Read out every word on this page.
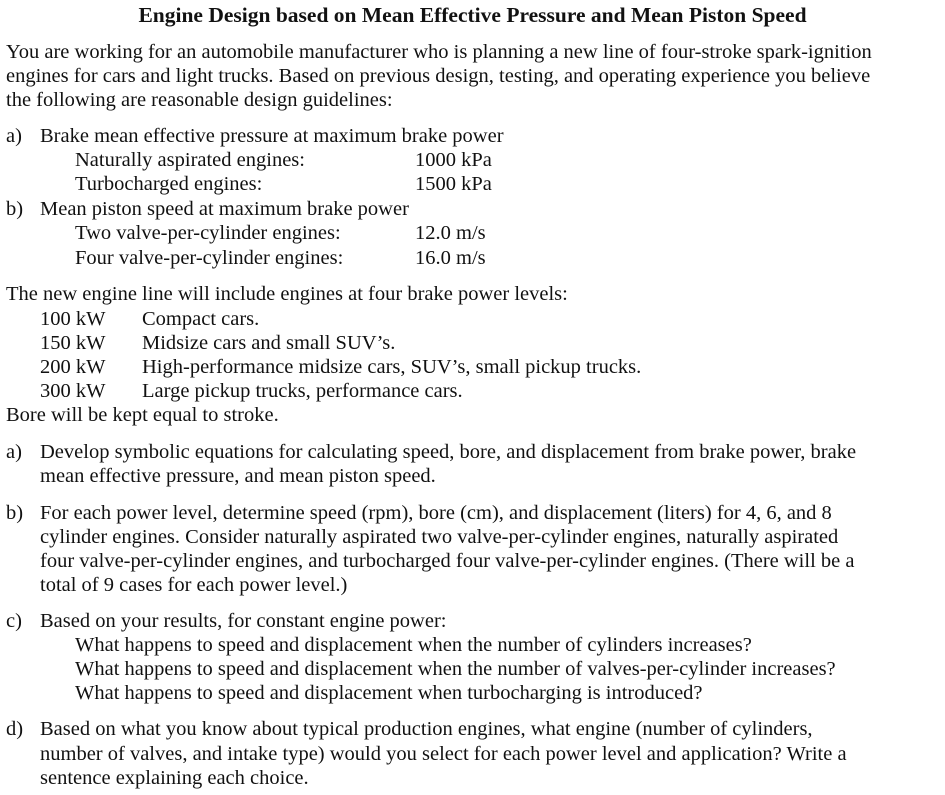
Engine Design based on Mean Effective Pressure and Mean Piston Speed
You are working for an automobile manufacturer who is planning a new line of four-stroke spark-ignition
engines for cars and light trucks. Based on previous design, testing, and operating experience you believe
the following are reasonable design guidelines:
a) Brake mean effective pressure at maximum brake power
Naturally aspirated engines:	1000 kPa
Turbocharged engines:	1500 kPa
b) Mean piston speed at maximum brake power
Two valve-per-cylinder engines:	12.0 m/s
Four valve-per-cylinder engines:	16.0 m/s
The new engine line will include engines at four brake power levels:
100 kW Compact cars.
150 kW Midsize cars and small SUV’s.
200 kW High-performance midsize cars, SUV’s, small pickup trucks.
300 kW Large pickup trucks, performance cars.
Bore will be kept equal to stroke.
a) Develop symbolic equations for calculating speed, bore, and displacement from brake power, brake
mean effective pressure, and mean piston speed.
b) For each power level, determine speed (rpm), bore (cm), and displacement (liters) for 4, 6, and 8
cylinder engines. Consider naturally aspirated two valve-per-cylinder engines, naturally aspirated
four valve-per-cylinder engines, and turbocharged four valve-per-cylinder engines. (There will be a
total of 9 cases for each power level.)
c) Based on your results, for constant engine power:
What happens to speed and displacement when the number of cylinders increases?
What happens to speed and displacement when the number of valves-per-cylinder increases?
What happens to speed and displacement when turbocharging is introduced?
d) Based on what you know about typical production engines, what engine (number of cylinders,
number of valves, and intake type) would you select for each power level and application? Write a
sentence explaining each choice.
